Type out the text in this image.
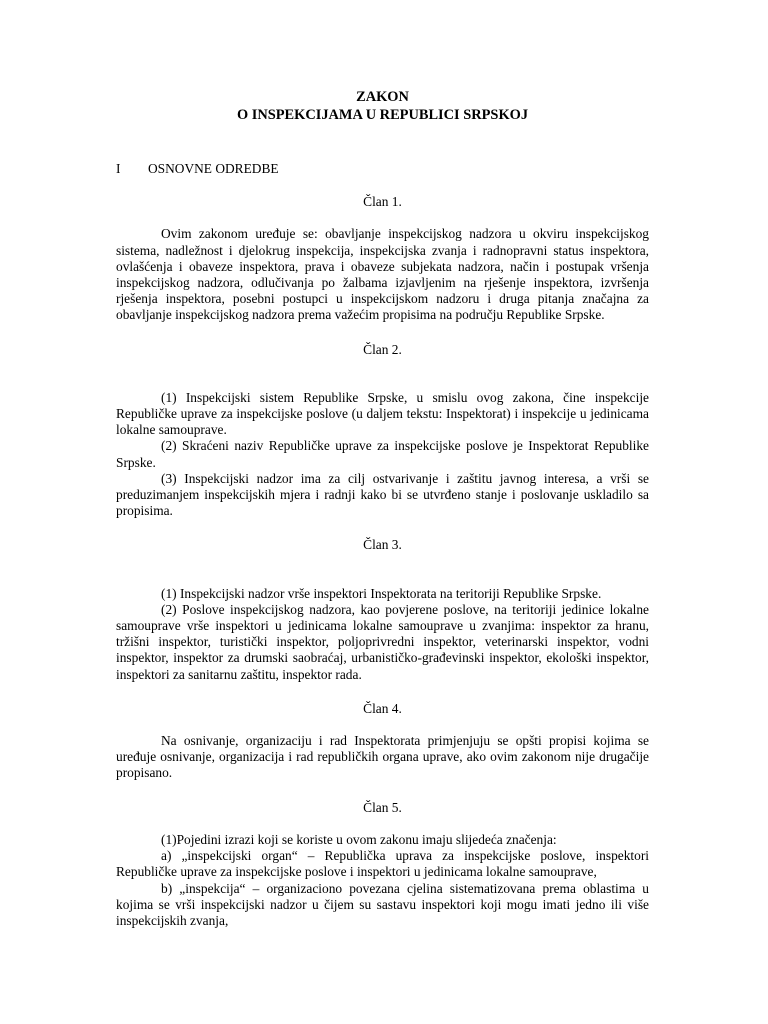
ZAKON
O INSPEKCIJAMA U REPUBLICI SRPSKOJ
I	OSNOVNE ODREDBE
Član 1.

Ovim zakonom uređuje se: obavljanje inspekcijskog nadzora u okviru inspekcijskog sistema, nadležnost i djelokrug inspekcija, inspekcijska zvanja i radnopravni status inspektora, ovlašćenja i obaveze inspektora, prava i obaveze subjekata nadzora, način i postupak vršenja inspekcijskog nadzora, odlučivanja po žalbama izjavljenim na rješenje inspektora, izvršenja rješenja inspektora, posebni postupci u inspekcijskom nadzoru i druga pitanja značajna za obavljanje inspekcijskog nadzora prema važećim propisima na području Republike Srpske.

Član 2.

(1) Inspekcijski sistem Republike Srpske, u smislu ovog zakona, čine inspekcije Republičke uprave za inspekcijske poslove (u daljem tekstu: Inspektorat) i inspekcije u jedinicama lokalne samouprave.

(2) Skraćeni naziv Republičke uprave za inspekcijske poslove je Inspektorat Republike Srpske.

(3) Inspekcijski nadzor ima za cilj ostvarivanje i zaštitu javnog interesa, a vrši se preduzimanjem inspekcijskih mjera i radnji kako bi se utvrđeno stanje i poslovanje uskladilo sa propisima.

Član 3.

(1) Inspekcijski nadzor vrše inspektori Inspektorata na teritoriji Republike Srpske.

(2) Poslove inspekcijskog nadzora, kao povjerene poslove, na teritoriji jedinice lokalne samouprave vrše inspektori u jedinicama lokalne samouprave u zvanjima: inspektor za hranu, tržišni inspektor, turistički inspektor, poljoprivredni inspektor, veterinarski inspektor, vodni inspektor, inspektor za drumski saobraćaj, urbanističko-građevinski inspektor, ekološki inspektor, inspektori za sanitarnu zaštitu, inspektor rada.

Član 4.

Na osnivanje, organizaciju i rad Inspektorata primjenjuju se opšti propisi kojima se uređuje osnivanje, organizacija i rad republičkih organa uprave, ako ovim zakonom nije drugačije propisano.

Član 5.

(1)Pojedini izrazi koji se koriste u ovom zakonu imaju slijedeća značenja:

a) „inspekcijski organ“ – Republička uprava za inspekcijske poslove, inspektori Republičke uprave za inspekcijske poslove i inspektori u jedinicama lokalne samouprave,

b) „inspekcija“ – organizaciono povezana cjelina sistematizovana prema oblastima u kojima se vrši inspekcijski nadzor u čijem su sastavu inspektori koji mogu imati jedno ili više inspekcijskih zvanja,
